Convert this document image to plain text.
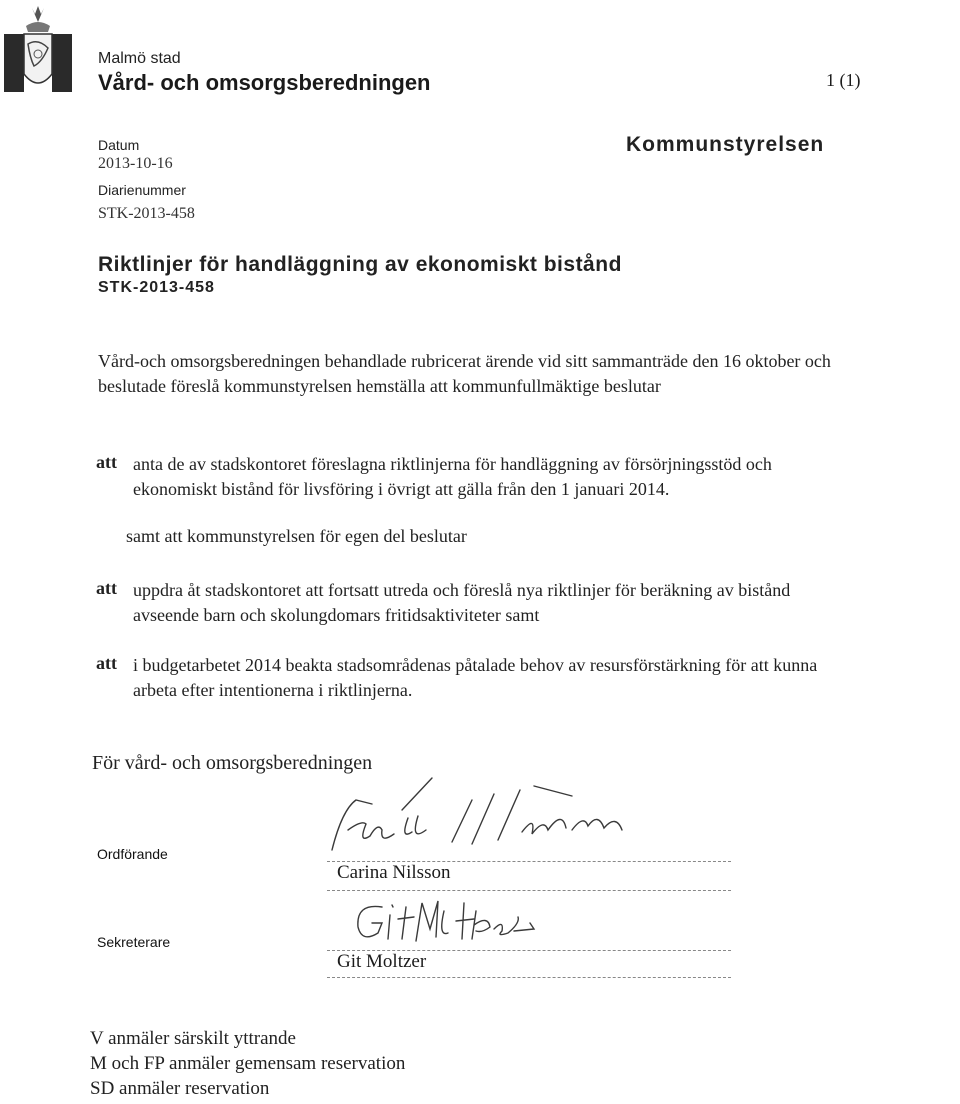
Malmö stad
Vård- och omsorgsberedningen	1 (1)
Datum
2013-10-16
Diarienummer
STK-2013-458
Kommunstyrelsen
Riktlinjer för handläggning av ekonomiskt bistånd
STK-2013-458
Vård-och omsorgsberedningen behandlade rubricerat ärende vid sitt sammanträde den 16 oktober och beslutade föreslå kommunstyrelsen hemställa att kommunfullmäktige beslutar
att anta de av stadskontoret föreslagna riktlinjerna för handläggning av försörjningsstöd och ekonomiskt bistånd för livsföring i övrigt att gälla från den 1 januari 2014.
samt att kommunstyrelsen för egen del beslutar
att uppdra åt stadskontoret att fortsatt utreda och föreslå nya riktlinjer för beräkning av bistånd avseende barn och skolungdomars fritidsaktiviteter samt
att i budgetarbetet 2014 beakta stadsområdenas påtalade behov av resursförstärkning för att kunna arbeta efter intentionerna i riktlinjerna.
För vård- och omsorgsberedningen
Ordförande
Sekreterare
Carina Nilsson
Git Moltzer
V anmäler särskilt yttrande
M och FP anmäler gemensam reservation
SD anmäler reservation
